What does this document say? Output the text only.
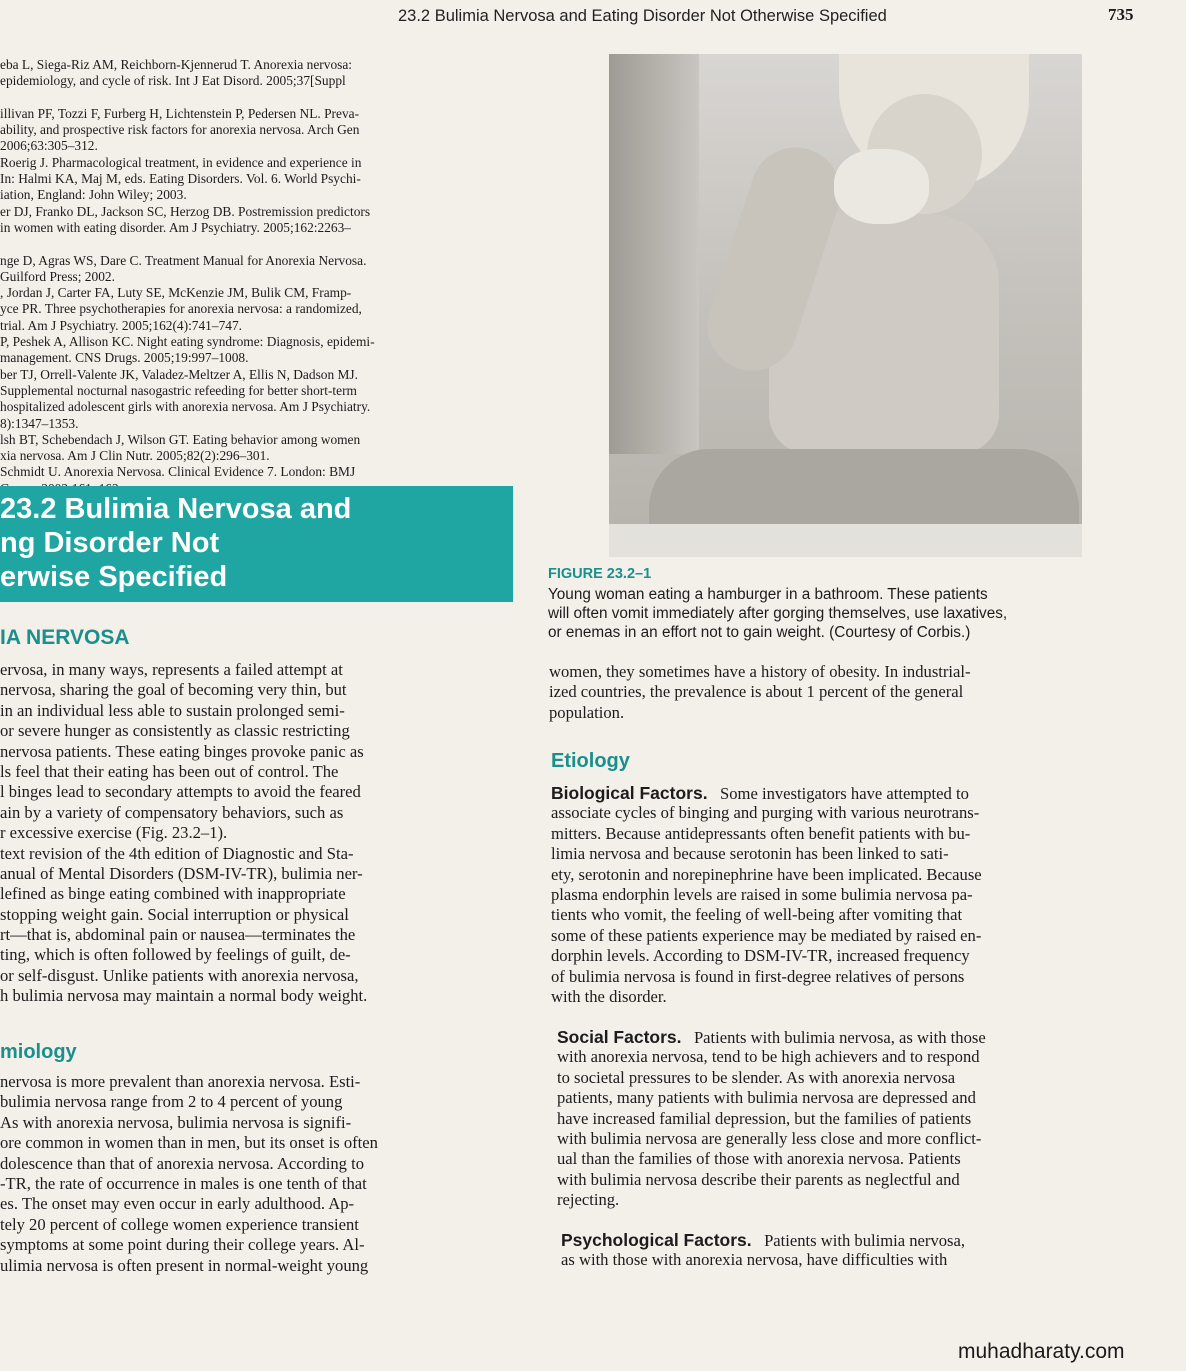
23.2 Bulimia Nervosa and Eating Disorder Not Otherwise Specified	735
eba L, Siega-Riz AM, Reichborn-Kjennerud T. Anorexia nervosa:
epidemiology, and cycle of risk. Int J Eat Disord. 2005;37[Suppl
illivan PF, Tozzi F, Furberg H, Lichtenstein P, Pedersen NL. Preva-
ability, and prospective risk factors for anorexia nervosa. Arch Gen
2006;63:305–312.
Roerig J. Pharmacological treatment, in evidence and experience in
In: Halmi KA, Maj M, eds. Eating Disorders. Vol. 6. World Psychi-
iation, England: John Wiley; 2003.
er DJ, Franko DL, Jackson SC, Herzog DB. Postremission predictors
in women with eating disorder. Am J Psychiatry. 2005;162:2263–
nge D, Agras WS, Dare C. Treatment Manual for Anorexia Nervosa.
Guilford Press; 2002.
, Jordan J, Carter FA, Luty SE, McKenzie JM, Bulik CM, Framp-
yce PR. Three psychotherapies for anorexia nervosa: a randomized,
trial. Am J Psychiatry. 2005;162(4):741–747.
P, Peshek A, Allison KC. Night eating syndrome: Diagnosis, epidemi-
management. CNS Drugs. 2005;19:997–1008.
ber TJ, Orrell-Valente JK, Valadez-Meltzer A, Ellis N, Dadson MJ.
Supplemental nocturnal nasogastric refeeding for better short-term
hospitalized adolescent girls with anorexia nervosa. Am J Psychiatry.
8):1347–1353.
lsh BT, Schebendach J, Wilson GT. Eating behavior among women
xia nervosa. Am J Clin Nutr. 2005;82(2):296–301.
Schmidt U. Anorexia Nervosa. Clinical Evidence 7. London: BMJ
23.2 Bulimia Nervosa and
ng Disorder Not
erwise Specified
IA NERVOSA
ervosa, in many ways, represents a failed attempt at
nervosa, sharing the goal of becoming very thin, but
in an individual less able to sustain prolonged semi-
or severe hunger as consistently as classic restricting
nervosa patients. These eating binges provoke panic as
ls feel that their eating has been out of control. The
l binges lead to secondary attempts to avoid the feared
ain by a variety of compensatory behaviors, such as
r excessive exercise (Fig. 23.2–1).
text revision of the 4th edition of Diagnostic and Sta-
anual of Mental Disorders (DSM-IV-TR), bulimia ner-
lefined as binge eating combined with inappropriate
stopping weight gain. Social interruption or physical
rt—that is, abdominal pain or nausea—terminates the
ting, which is often followed by feelings of guilt, de-
or self-disgust. Unlike patients with anorexia nervosa,
h bulimia nervosa may maintain a normal body weight.
miology
nervosa is more prevalent than anorexia nervosa. Esti-
bulimia nervosa range from 2 to 4 percent of young
As with anorexia nervosa, bulimia nervosa is signifi-
ore common in women than in men, but its onset is often
dolescence than that of anorexia nervosa. According to
-TR, the rate of occurrence in males is one tenth of that
es. The onset may even occur in early adulthood. Ap-
tely 20 percent of college women experience transient
symptoms at some point during their college years. Al-
ulimia nervosa is often present in normal-weight young
FIGURE 23.2–1
Young woman eating a hamburger in a bathroom. These patients
will often vomit immediately after gorging themselves, use laxatives,
or enemas in an effort not to gain weight. (Courtesy of Corbis.)
women, they sometimes have a history of obesity. In industrial-
ized countries, the prevalence is about 1 percent of the general
population.
Etiology
Biological Factors. Some investigators have attempted to
associate cycles of binging and purging with various neurotrans-
mitters. Because antidepressants often benefit patients with bu-
limia nervosa and because serotonin has been linked to sati-
ety, serotonin and norepinephrine have been implicated. Because
plasma endorphin levels are raised in some bulimia nervosa pa-
tients who vomit, the feeling of well-being after vomiting that
some of these patients experience may be mediated by raised en-
dorphin levels. According to DSM-IV-TR, increased frequency
of bulimia nervosa is found in first-degree relatives of persons
with the disorder.
Social Factors. Patients with bulimia nervosa, as with those
with anorexia nervosa, tend to be high achievers and to respond
to societal pressures to be slender. As with anorexia nervosa
patients, many patients with bulimia nervosa are depressed and
have increased familial depression, but the families of patients
with bulimia nervosa are generally less close and more conflict-
ual than the families of those with anorexia nervosa. Patients
with bulimia nervosa describe their parents as neglectful and
rejecting.
Psychological Factors. Patients with bulimia nervosa,
as with those with anorexia nervosa, have difficulties with
muhadharaty.com
